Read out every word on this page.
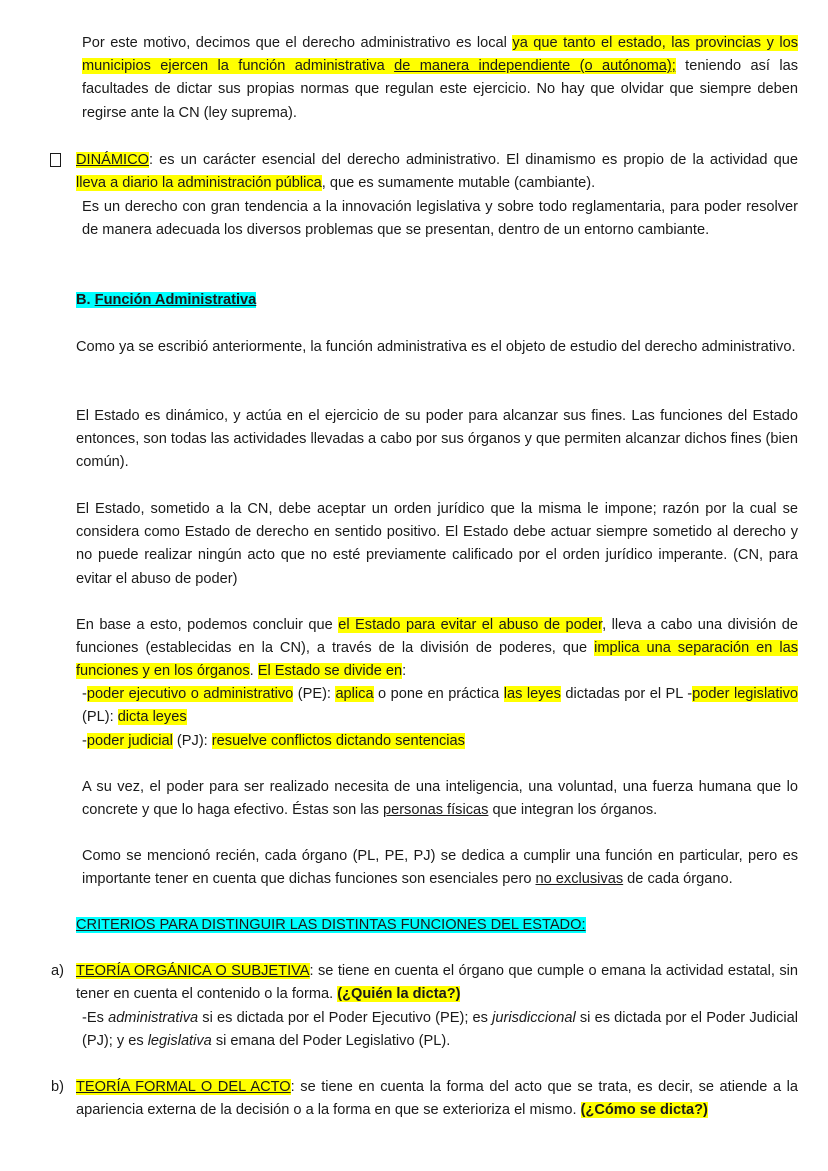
Por este motivo, decimos que el derecho administrativo es local ya que tanto el estado, las provincias y los municipios ejercen la función administrativa de manera independiente (o autónoma); teniendo así las facultades de dictar sus propias normas que regulan este ejercicio. No hay que olvidar que siempre deben regirse ante la CN (ley suprema).

DINÁMICO: es un carácter esencial del derecho administrativo. El dinamismo es propio de la actividad que lleva a diario la administración pública, que es sumamente mutable (cambiante).

Es un derecho con gran tendencia a la innovación legislativa y sobre todo reglamentaria, para poder resolver de manera adecuada los diversos problemas que se presentan, dentro de un entorno cambiante.

B. Función Administrativa

Como ya se escribió anteriormente, la función administrativa es el objeto de estudio del derecho administrativo.

El Estado es dinámico, y actúa en el ejercicio de su poder para alcanzar sus fines. Las funciones del Estado entonces, son todas las actividades llevadas a cabo por sus órganos y que permiten alcanzar dichos fines (bien común).

El Estado, sometido a la CN, debe aceptar un orden jurídico que la misma le impone; razón por la cual se considera como Estado de derecho en sentido positivo. El Estado debe actuar siempre sometido al derecho y no puede realizar ningún acto que no esté previamente calificado por el orden jurídico imperante. (CN, para evitar el abuso de poder)

En base a esto, podemos concluir que el Estado para evitar el abuso de poder, lleva a cabo una división de funciones (establecidas en la CN), a través de la división de poderes, que implica una separación en las funciones y en los órganos. El Estado se divide en:

-poder ejecutivo o administrativo (PE): aplica o pone en práctica las leyes dictadas por el PL -poder legislativo (PL): dicta leyes

-poder judicial (PJ): resuelve conflictos dictando sentencias

A su vez, el poder para ser realizado necesita de una inteligencia, una voluntad, una fuerza humana que lo concrete y que lo haga efectivo. Éstas son las personas físicas que integran los órganos.

Como se mencionó recién, cada órgano (PL, PE, PJ) se dedica a cumplir una función en particular, pero es importante tener en cuenta que dichas funciones son esenciales pero no exclusivas de cada órgano.

CRITERIOS PARA DISTINGUIR LAS DISTINTAS FUNCIONES DEL ESTADO:

a) TEORÍA ORGÁNICA O SUBJETIVA: se tiene en cuenta el órgano que cumple o emana la actividad estatal, sin tener en cuenta el contenido o la forma. (¿Quién la dicta?)

-Es administrativa si es dictada por el Poder Ejecutivo (PE); es jurisdiccional si es dictada por el Poder Judicial (PJ); y es legislativa si emana del Poder Legislativo (PL).

b) TEORÍA FORMAL O DEL ACTO: se tiene en cuenta la forma del acto que se trata, es decir, se atiende a la apariencia externa de la decisión o a la forma en que se exterioriza el mismo. (¿Cómo se dicta?)
